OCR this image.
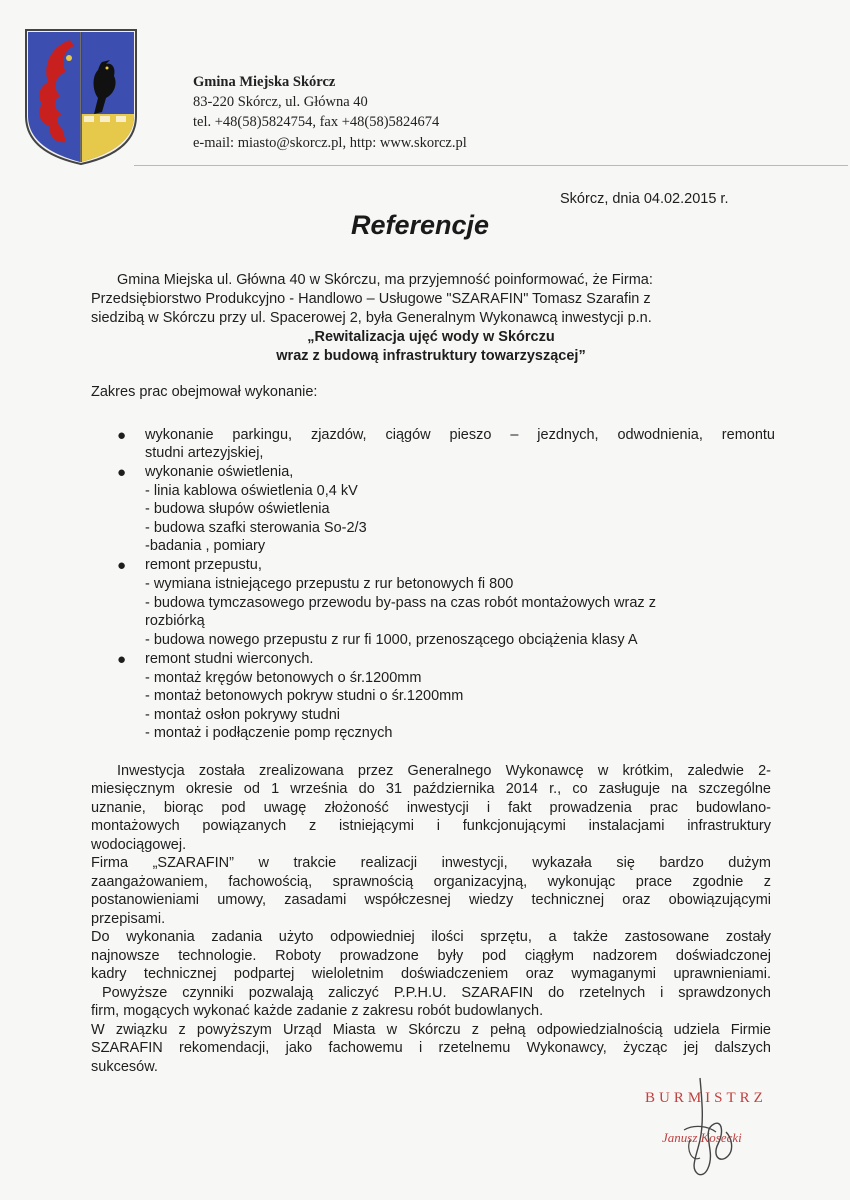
Gmina Miejska Skórcz
83-220 Skórcz, ul. Główna 40
tel. +48(58)5824754, fax +48(58)5824674
e-mail: miasto@skorcz.pl, http: www.skorcz.pl
Skórcz, dnia 04.02.2015 r.
Referencje
Gmina Miejska ul. Główna 40 w Skórczu, ma przyjemność poinformować, że Firma:
Przedsiębiorstwo Produkcyjno - Handlowo – Usługowe "SZARAFIN" Tomasz Szarafin z
siedzibą w Skórczu przy ul. Spacerowej 2, była Generalnym Wykonawcą inwestycji p.n.
„Rewitalizacja ujęć wody w Skórczu
wraz z budową infrastruktury towarzyszącej”
Zakres prac obejmował wykonanie:
● wykonanie parkingu, zjazdów, ciągów pieszo – jezdnych, odwodnienia, remontu
studni artezyjskiej,
● wykonanie oświetlenia,
- linia kablowa oświetlenia 0,4 kV
- budowa słupów oświetlenia
- budowa szafki sterowania So-2/3
-badania , pomiary
● remont przepustu,
- wymiana istniejącego przepustu z rur betonowych fi 800
- budowa tymczasowego przewodu by-pass na czas robót montażowych wraz z
rozbiórką
- budowa nowego przepustu z rur fi 1000, przenoszącego obciążenia klasy A
● remont studni wierconych.
- montaż kręgów betonowych o śr.1200mm
- montaż betonowych pokryw studni o śr.1200mm
- montaż osłon pokrywy studni
- montaż i podłączenie pomp ręcznych
Inwestycja została zrealizowana przez Generalnego Wykonawcę w krótkim, zaledwie 2-
miesięcznym okresie od 1 września do 31 października 2014 r., co zasługuje na szczególne
uznanie, biorąc pod uwagę złożoność inwestycji i fakt prowadzenia prac budowlano-
montażowych powiązanych z istniejącymi i funkcjonującymi instalacjami infrastruktury
wodociągowej.
Firma „SZARAFIN” w trakcie realizacji inwestycji, wykazała się bardzo dużym
zaangażowaniem, fachowością, sprawnością organizacyjną, wykonując prace zgodnie z
postanowieniami umowy, zasadami współczesnej wiedzy technicznej oraz obowiązującymi
przepisami.
Do wykonania zadania użyto odpowiedniej ilości sprzętu, a także zastosowane zostały
najnowsze technologie. Roboty prowadzone były pod ciągłym nadzorem doświadczonej
kadry technicznej podpartej wieloletnim doświadczeniem oraz wymaganymi uprawnieniami.
Powyższe czynniki pozwalają zaliczyć P.P.H.U. SZARAFIN do rzetelnych i sprawdzonych
firm, mogących wykonać każde zadanie z zakresu robót budowlanych.
W związku z powyższym Urząd Miasta w Skórczu z pełną odpowiedzialnością udziela Firmie
SZARAFIN rekomendacji, jako fachowemu i rzetelnemu Wykonawcy, życząc jej dalszych
sukcesów.
BURMISTRZ
Janusz Kosecki
